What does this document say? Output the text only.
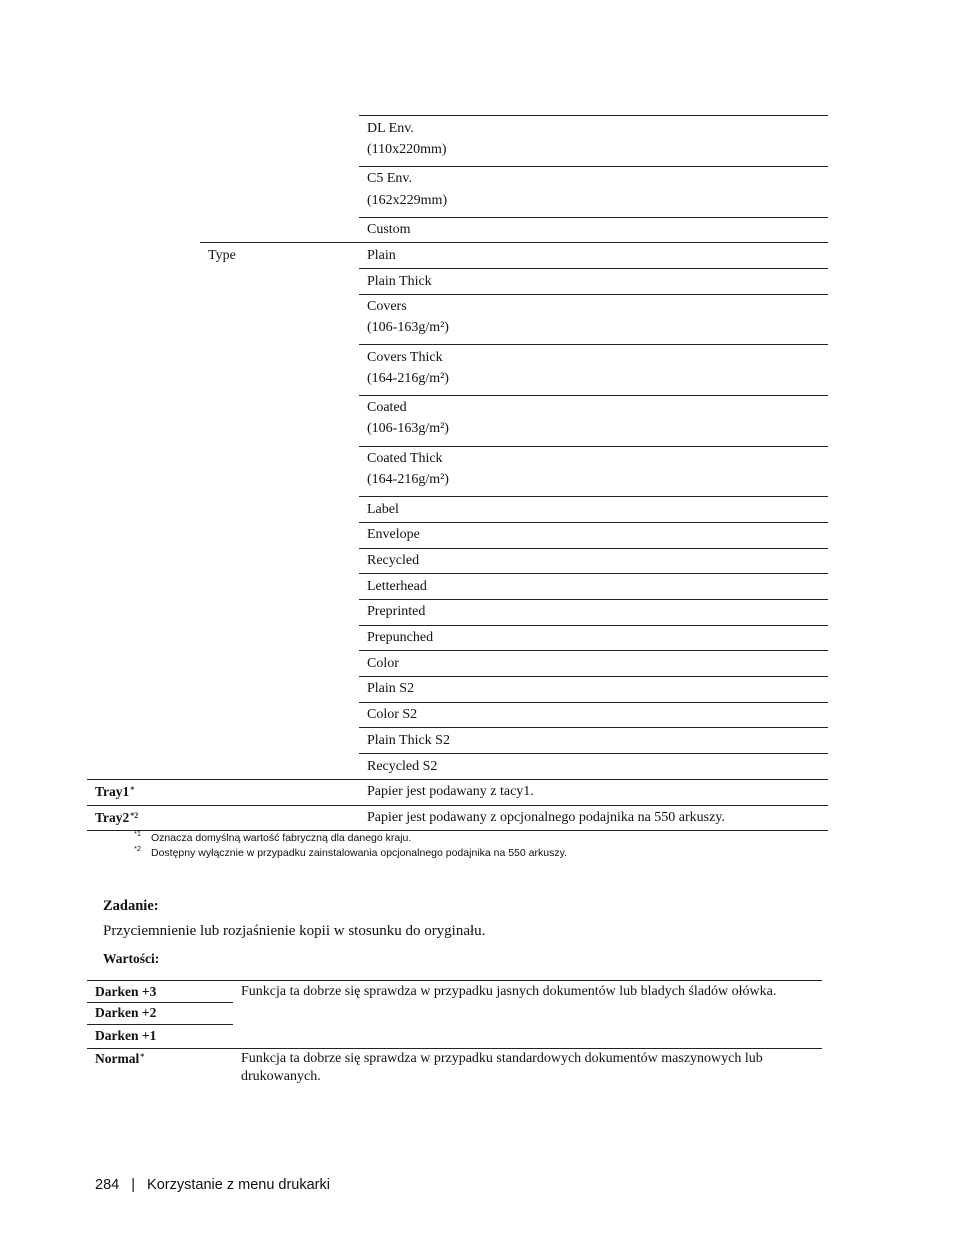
DL Env.
(110x220mm)
C5 Env.
(162x229mm)
Custom
Type	Plain
Plain Thick
Covers
(106-163g/m²)
Covers Thick
(164-216g/m²)
Coated
(106-163g/m²)
Coated Thick
(164-216g/m²)
Label
Envelope
Recycled
Letterhead
Preprinted
Prepunched
Color
Plain S2
Color S2
Plain Thick S2
Recycled S2
Tray1*	Papier jest podawany z tacy1.
Tray2$^{*2}$	Papier jest podawany z opcjonalnego podajnika na 550 arkuszy.
*1 Oznacza domyślną wartość fabryczną dla danego kraju.
*2 Dostępny wyłącznie w przypadku zainstalowania opcjonalnego podajnika na 550 arkuszy.
Zadanie:
Przyciemnienie lub rozjaśnienie kopii w stosunku do oryginału.
Wartości:
Darken +3	Funkcja ta dobrze się sprawdza w przypadku jasnych dokumentów lub bladych śladów ołówka.
Darken +2
Darken +1
Normal*	Funkcja ta dobrze się sprawdza w przypadku standardowych dokumentów maszynowych lub
drukowanych.
284 | Korzystanie z menu drukarki
